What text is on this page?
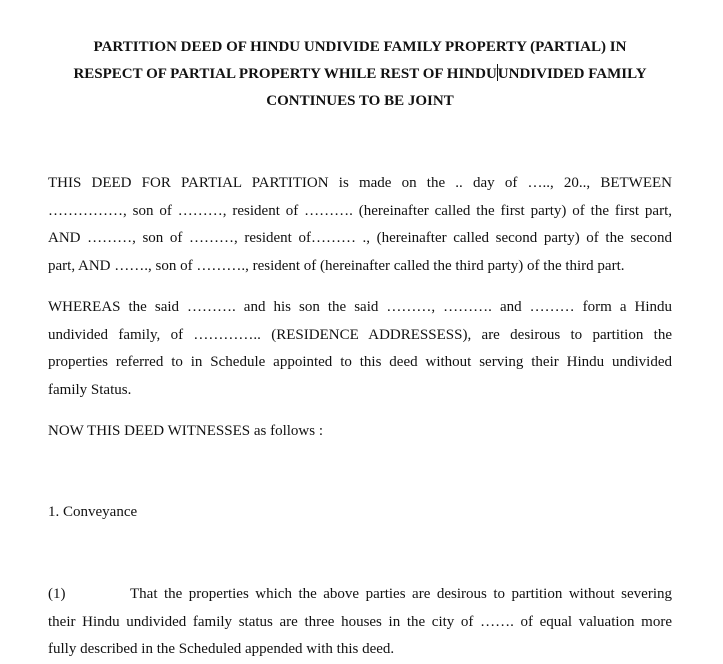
PARTITION DEED OF HINDU UNDIVIDE FAMILY PROPERTY (PARTIAL) IN
RESPECT OF PARTIAL PROPERTY WHILE REST OF HINDUUNDIVIDED FAMILY
CONTINUES TO BE JOINT

THIS DEED FOR PARTIAL PARTITION is made on the .. day of ….., 20.., BETWEEN
……………, son of ………, resident of ………. (hereinafter called the first party) of the first part,
AND ………, son of ………, resident of……… ., (hereinafter called second party) of the second
part, AND ……., son of ………., resident of (hereinafter called the third party) of the third part.

WHEREAS the said ………. and his son the said ………, ………. and ……… form a Hindu
undivided family, of ………….. (RESIDENCE ADDRESSESS), are desirous to partition the
properties referred to in Schedule appointed to this deed without serving their Hindu undivided
family Status.

NOW THIS DEED WITNESSES as follows :

1. Conveyance

(1)	That the properties which the above parties are desirous to partition without severing
their Hindu undivided family status are three houses in the city of ……. of equal valuation more
fully described in the Scheduled appended with this deed.
